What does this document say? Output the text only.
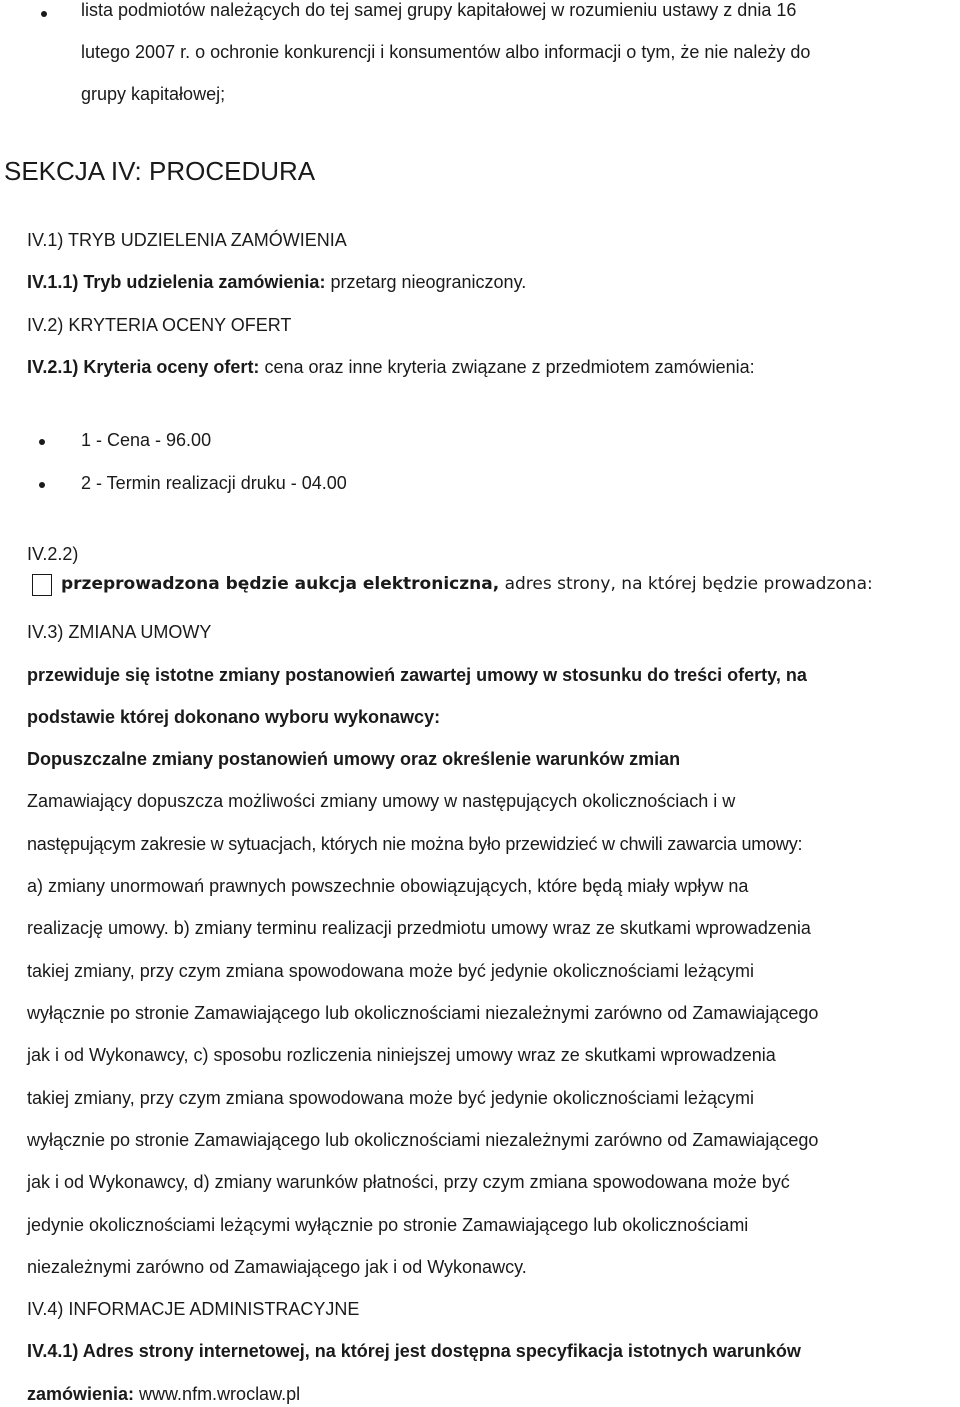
lista podmiotów należących do tej samej grupy kapitałowej w rozumieniu ustawy z dnia 16
lutego 2007 r. o ochronie konkurencji i konsumentów albo informacji o tym, że nie należy do
grupy kapitałowej;
SEKCJA IV: PROCEDURA
IV.1) TRYB UDZIELENIA ZAMÓWIENIA
IV.1.1) Tryb udzielenia zamówienia: przetarg nieograniczony.
IV.2) KRYTERIA OCENY OFERT
IV.2.1) Kryteria oceny ofert: cena oraz inne kryteria związane z przedmiotem zamówienia:
1 - Cena - 96.00
2 - Termin realizacji druku - 04.00
IV.2.2)
przeprowadzona będzie aukcja elektroniczna, adres strony, na której będzie prowadzona:
IV.3) ZMIANA UMOWY
przewiduje się istotne zmiany postanowień zawartej umowy w stosunku do treści oferty, na
podstawie której dokonano wyboru wykonawcy:
Dopuszczalne zmiany postanowień umowy oraz określenie warunków zmian
Zamawiający dopuszcza możliwości zmiany umowy w następujących okolicznościach i w
następującym zakresie w sytuacjach, których nie można było przewidzieć w chwili zawarcia umowy:
a) zmiany unormowań prawnych powszechnie obowiązujących, które będą miały wpływ na
realizację umowy. b) zmiany terminu realizacji przedmiotu umowy wraz ze skutkami wprowadzenia
takiej zmiany, przy czym zmiana spowodowana może być jedynie okolicznościami leżącymi
wyłącznie po stronie Zamawiającego lub okolicznościami niezależnymi zarówno od Zamawiającego
jak i od Wykonawcy, c) sposobu rozliczenia niniejszej umowy wraz ze skutkami wprowadzenia
takiej zmiany, przy czym zmiana spowodowana może być jedynie okolicznościami leżącymi
wyłącznie po stronie Zamawiającego lub okolicznościami niezależnymi zarówno od Zamawiającego
jak i od Wykonawcy, d) zmiany warunków płatności, przy czym zmiana spowodowana może być
jedynie okolicznościami leżącymi wyłącznie po stronie Zamawiającego lub okolicznościami
niezależnymi zarówno od Zamawiającego jak i od Wykonawcy.
IV.4) INFORMACJE ADMINISTRACYJNE
IV.4.1) Adres strony internetowej, na której jest dostępna specyfikacja istotnych warunków
zamówienia: www.nfm.wroclaw.pl
